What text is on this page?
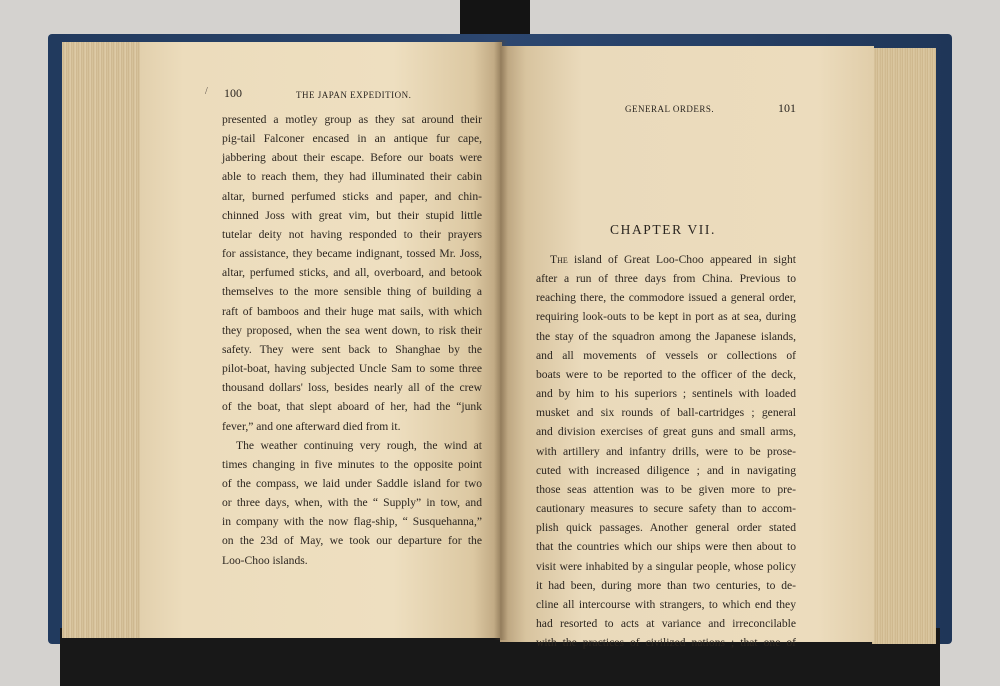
/ 100	THE JAPAN EXPEDITION.
presented a motley group as they sat around their
pig-tail Falconer encased in an antique fur cape,
jabbering about their escape. Before our boats were
able to reach them, they had illuminated their cabin
altar, burned perfumed sticks and paper, and chin-
chinned Joss with great vim, but their stupid little
tutelar deity not having responded to their prayers
for assistance, they became indignant, tossed Mr. Joss,
altar, perfumed sticks, and all, overboard, and betook
themselves to the more sensible thing of building a
raft of bamboos and their huge mat sails, with which
they proposed, when the sea went down, to risk their
safety. They were sent back to Shanghae by the
pilot-boat, having subjected Uncle Sam to some three
thousand dollars' loss, besides nearly all of the crew
of the boat, that slept aboard of her, had the “junk
fever,” and one afterward died from it.
The weather continuing very rough, the wind at
times changing in five minutes to the opposite point
of the compass, we laid under Saddle island for two
or three days, when, with the “ Supply” in tow, and
in company with the now flag-ship, “ Susquehanna,”
on the 23d of May, we took our departure for the
Loo-Choo islands.
GENERAL ORDERS.	101
CHAPTER VII.
The island of Great Loo-Choo appeared in sight
after a run of three days from China. Previous to
reaching there, the commodore issued a general order,
requiring look-outs to be kept in port as at sea, during
the stay of the squadron among the Japanese islands,
and all movements of vessels or collections of
boats were to be reported to the officer of the deck,
and by him to his superiors ; sentinels with loaded
musket and six rounds of ball-cartridges ; general
and division exercises of great guns and small arms,
with artillery and infantry drills, were to be prose-
cuted with increased diligence ; and in navigating
those seas attention was to be given more to pre-
cautionary measures to secure safety than to accom-
plish quick passages. Another general order stated
that the countries which our ships were then about to
visit were inhabited by a singular people, whose policy
it had been, during more than two centuries, to de-
cline all intercourse with strangers, to which end they
had resorted to acts at variance and irreconcilable
with the practices of civilized nations ; that one of
